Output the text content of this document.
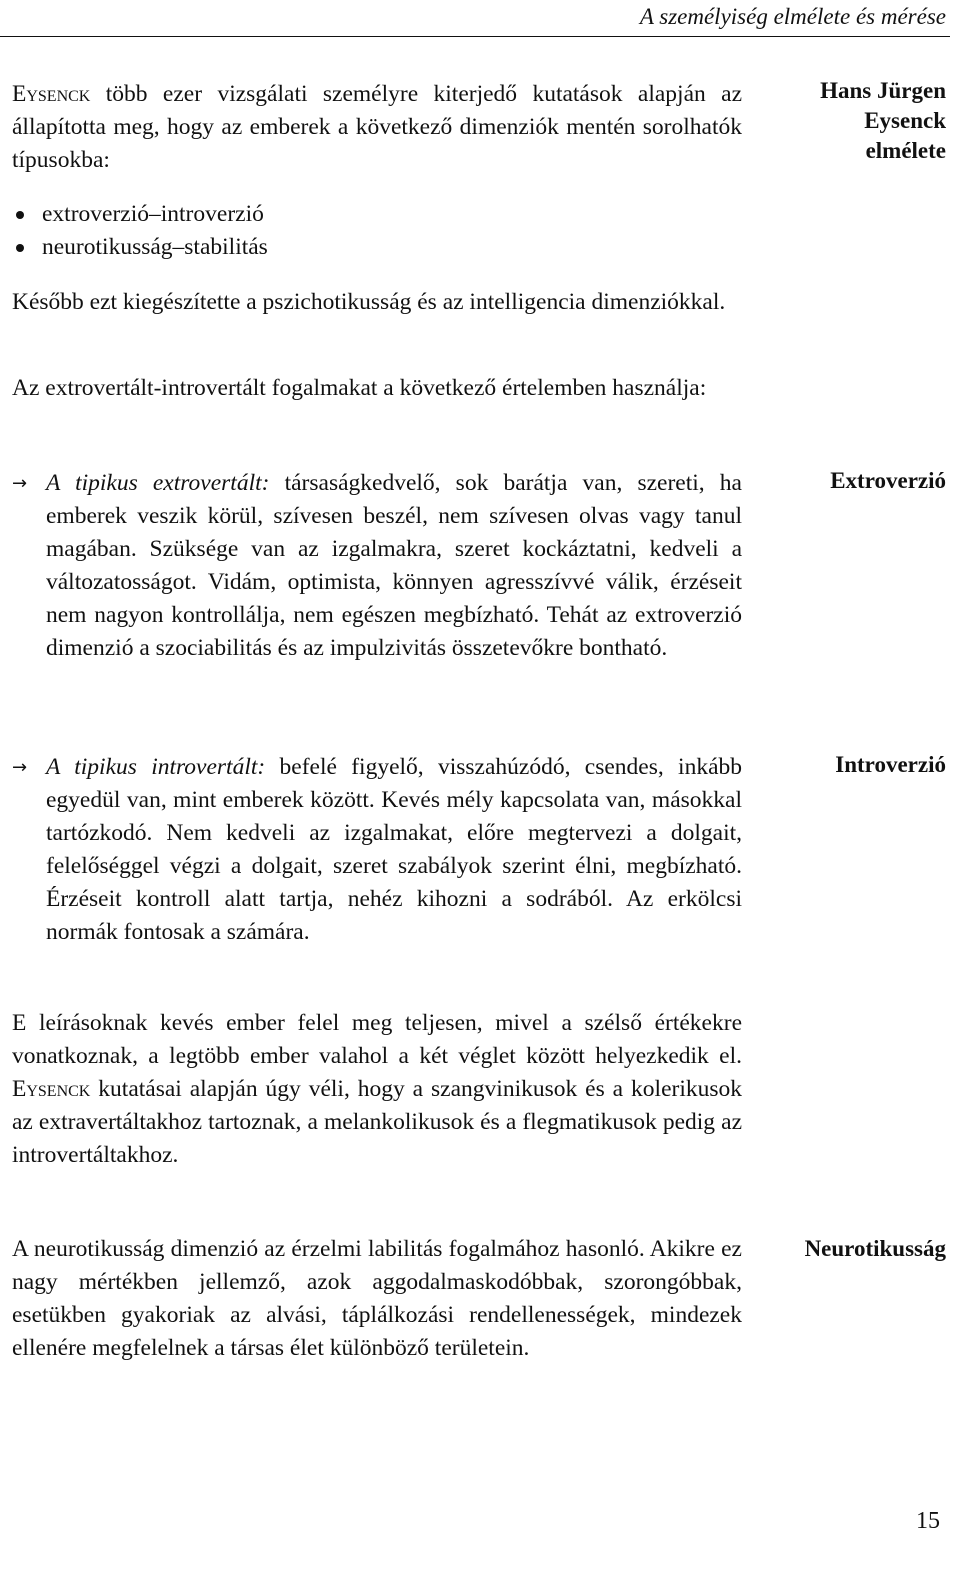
A személyiség elmélete és mérése
Hans Jürgen
Eysenck
elmélete
Extroverzió
Introverzió
Neurotikusság

Eysenck több ezer vizsgálati személyre kiterjedő kutatások alapján az állapította meg, hogy az emberek a következő dimenziók mentén sorolhatók típusokba:

extroverzió–introverzió
neurotikusság–stabilitás

Később ezt kiegészítette a pszichotikusság és az intelligencia dimenziókkal.

Az extrovertált-introvertált fogalmakat a következő értelemben használja:

→ A tipikus extrovertált: társaságkedvelő, sok barátja van, szereti, ha emberek veszik körül, szívesen beszél, nem szívesen olvas vagy tanul magában. Szüksége van az izgalmakra, szeret kockáztatni, kedveli a változatosságot. Vidám, optimista, könnyen agresszívvé válik, érzéseit nem nagyon kontrollálja, nem egészen megbízható. Tehát az extroverzió dimenzió a szociabilitás és az impulzivitás összetevőkre bontható.
→ A tipikus introvertált: befelé figyelő, visszahúzódó, csendes, inkább egyedül van, mint emberek között. Kevés mély kapcsolata van, másokkal tartózkodó. Nem kedveli az izgalmakat, előre megtervezi a dolgait, felelőséggel végzi a dolgait, szeret szabályok szerint élni, megbízható. Érzéseit kontroll alatt tartja, nehéz kihozni a sodrából. Az erkölcsi normák fontosak a számára.

E leírásoknak kevés ember felel meg teljesen, mivel a szélső értékekre vonatkoznak, a legtöbb ember valahol a két véglet között helyezkedik el. Eysenck kutatásai alapján úgy véli, hogy a szangvinikusok és a kolerikusok az extravertáltakhoz tartoznak, a melankolikusok és a flegmatikusok pedig az introvertáltakhoz.

A neurotikusság dimenzió az érzelmi labilitás fogalmához hasonló. Akikre ez nagy mértékben jellemző, azok aggodalmaskodóbbak, szorongóbbak, esetükben gyakoriak az alvási, táplálkozási rendellenességek, mindezek ellenére megfelelnek a társas élet különböző területein.

15
